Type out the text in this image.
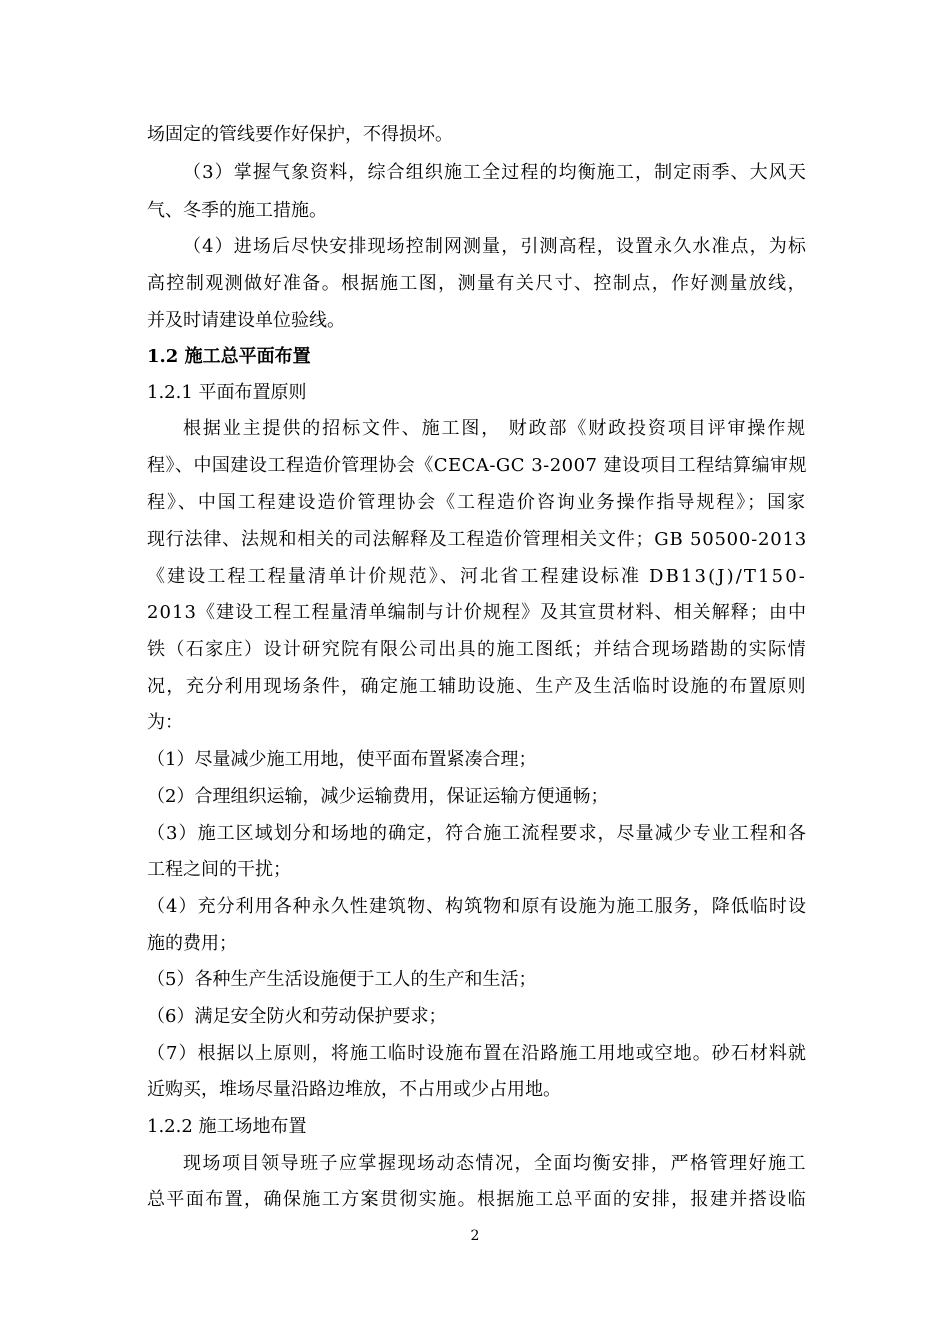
场固定的管线要作好保护，不得损坏。
（3）掌握气象资料，综合组织施工全过程的均衡施工，制定雨季、大风天
气、冬季的施工措施。
（4）进场后尽快安排现场控制网测量，引测高程，设置永久水准点，为标
高控制观测做好准备。根据施工图，测量有关尺寸、控制点，作好测量放线，
并及时请建设单位验线。
1.2 施工总平面布置
1.2.1 平面布置原则
根据业主提供的招标文件、施工图， 财政部《财政投资项目评审操作规
程》、中国建设工程造价管理协会《CECA-GC 3-2007 建设项目工程结算编审规
程》、中国工程建设造价管理协会《工程造价咨询业务操作指导规程》；国家
现行法律、法规和相关的司法解释及工程造价管理相关文件；GB 50500-2013
《建设工程工程量清单计价规范》、河北省工程建设标准 DB13(J)/T150-
2013《建设工程工程量清单编制与计价规程》及其宣贯材料、相关解释；由中
铁（石家庄）设计研究院有限公司出具的施工图纸；并结合现场踏勘的实际情
况，充分利用现场条件，确定施工辅助设施、生产及生活临时设施的布置原则
为：
（1）尽量减少施工用地，使平面布置紧凑合理；
（2）合理组织运输，减少运输费用，保证运输方便通畅；
（3）施工区域划分和场地的确定，符合施工流程要求，尽量减少专业工程和各
工程之间的干扰；
（4）充分利用各种永久性建筑物、构筑物和原有设施为施工服务，降低临时设
施的费用；
（5）各种生产生活设施便于工人的生产和生活；
（6）满足安全防火和劳动保护要求；
（7）根据以上原则，将施工临时设施布置在沿路施工用地或空地。砂石材料就
近购买，堆场尽量沿路边堆放，不占用或少占用地。
1.2.2 施工场地布置
现场项目领导班子应掌握现场动态情况，全面均衡安排，严格管理好施工
总平面布置，确保施工方案贯彻实施。根据施工总平面的安排，报建并搭设临
2
